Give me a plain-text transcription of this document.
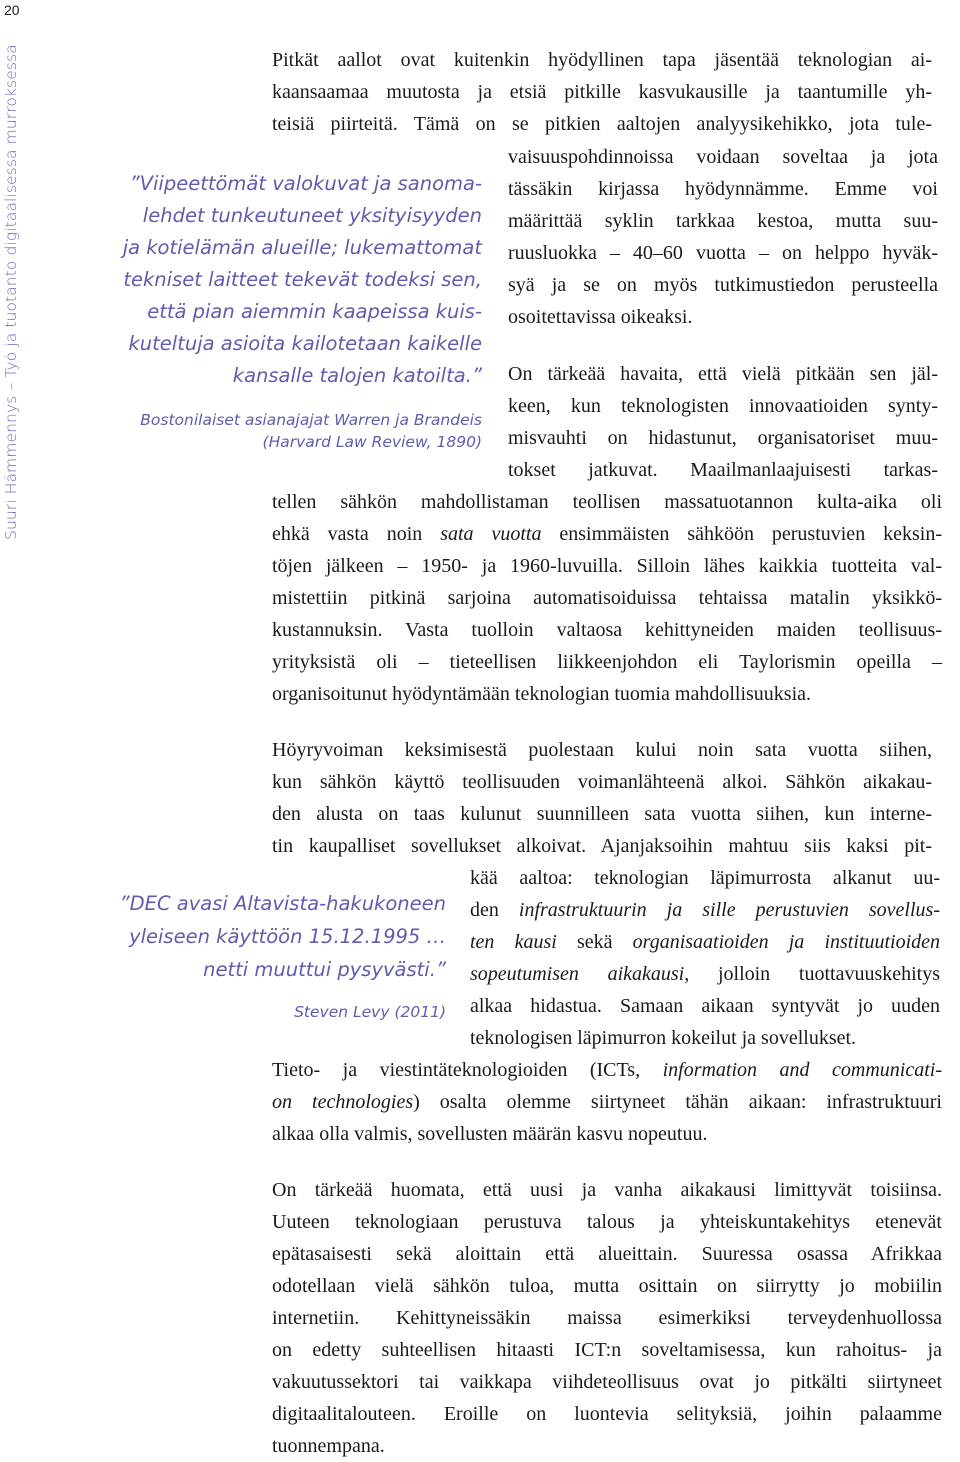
20
Suuri Hämmennys – Työ ja tuotanto digitaalisessa murroksessa	”Viipeettömät valokuvat ja sanoma-
lehdet tunkeutuneet yksityisyyden
ja kotielämän alueille; lukemattomat
tekniset laitteet tekevät todeksi sen,
että pian aiemmin kaapeissa kuis-
kuteltuja asioita kailotetaan kaikelle
kansalle talojen katoilta.”
Bostonilaiset asianajajat Warren ja Brandeis
(Harvard Law Review, 1890)
”DEC avasi Altavista-hakukoneen
yleiseen käyttöön 15.12.1995 …
netti muuttui pysyvästi.”
Steven Levy (2011)
Pitkät aallot ovat kuitenkin hyödyllinen tapa jäsentää teknologian ai-
kaansaamaa muutosta ja etsiä pitkille kasvukausille ja taantumille yh-
teisiä piirteitä. Tämä on se pitkien aaltojen analyysikehikko, jota tule-
vaisuuspohdinnoissa voidaan soveltaa ja jota
tässäkin kirjassa hyödynnämme. Emme voi
määrittää syklin tarkkaa kestoa, mutta suu-
ruusluokka – 40–60 vuotta – on helppo hyväk-
syä ja se on myös tutkimustiedon perusteella
osoitettavissa oikeaksi.
On tärkeää havaita, että vielä pitkään sen jäl-
keen, kun teknologisten innovaatioiden synty-
misvauhti on hidastunut, organisatoriset muu-
tokset jatkuvat. Maailmanlaajuisesti tarkas-
tellen sähkön mahdollistaman teollisen massatuotannon kulta-aika oli
ehkä vasta noin sata vuotta ensimmäisten sähköön perustuvien keksin-
töjen jälkeen – 1950- ja 1960-luvuilla. Silloin lähes kaikkia tuotteita val-
mistettiin pitkinä sarjoina automatisoiduissa tehtaissa matalin yksikkö-
kustannuksin. Vasta tuolloin valtaosa kehittyneiden maiden teollisuus-
yrityksistä oli – tieteellisen liikkeenjohdon eli Taylorismin opeilla –
organisoitunut hyödyntämään teknologian tuomia mahdollisuuksia.
Höyryvoiman keksimisestä puolestaan kului noin sata vuotta siihen,
kun sähkön käyttö teollisuuden voimanlähteenä alkoi. Sähkön aikakau-
den alusta on taas kulunut suunnilleen sata vuotta siihen, kun interne-
tin kaupalliset sovellukset alkoivat. Ajanjaksoihin mahtuu siis kaksi pit-
kää aaltoa: teknologian läpimurrosta alkanut uu-
den infrastruktuurin ja sille perustuvien sovellus-
ten kausi sekä organisaatioiden ja instituutioiden
sopeutumisen aikakausi, jolloin tuottavuuskehitys
alkaa hidastua. Samaan aikaan syntyvät jo uuden
teknologisen läpimurron kokeilut ja sovellukset.
Tieto- ja viestintäteknologioiden (ICTs, information and communicati-
on technologies) osalta olemme siirtyneet tähän aikaan: infrastruktuuri
alkaa olla valmis, sovellusten määrän kasvu nopeutuu.
On tärkeää huomata, että uusi ja vanha aikakausi limittyvät toisiinsa.
Uuteen teknologiaan perustuva talous ja yhteiskuntakehitys etenevät
epätasaisesti sekä aloittain että alueittain. Suuressa osassa Afrikkaa
odotellaan vielä sähkön tuloa, mutta osittain on siirrytty jo mobiilin
internetiin. Kehittyneissäkin maissa esimerkiksi terveydenhuollossa
on edetty suhteellisen hitaasti ICT:n soveltamisessa, kun rahoitus- ja
vakuutussektori tai vaikkapa viihdeteollisuus ovat jo pitkälti siirtyneet
digitaalitalouteen. Eroille on luontevia selityksiä, joihin palaamme
tuonnempana.
